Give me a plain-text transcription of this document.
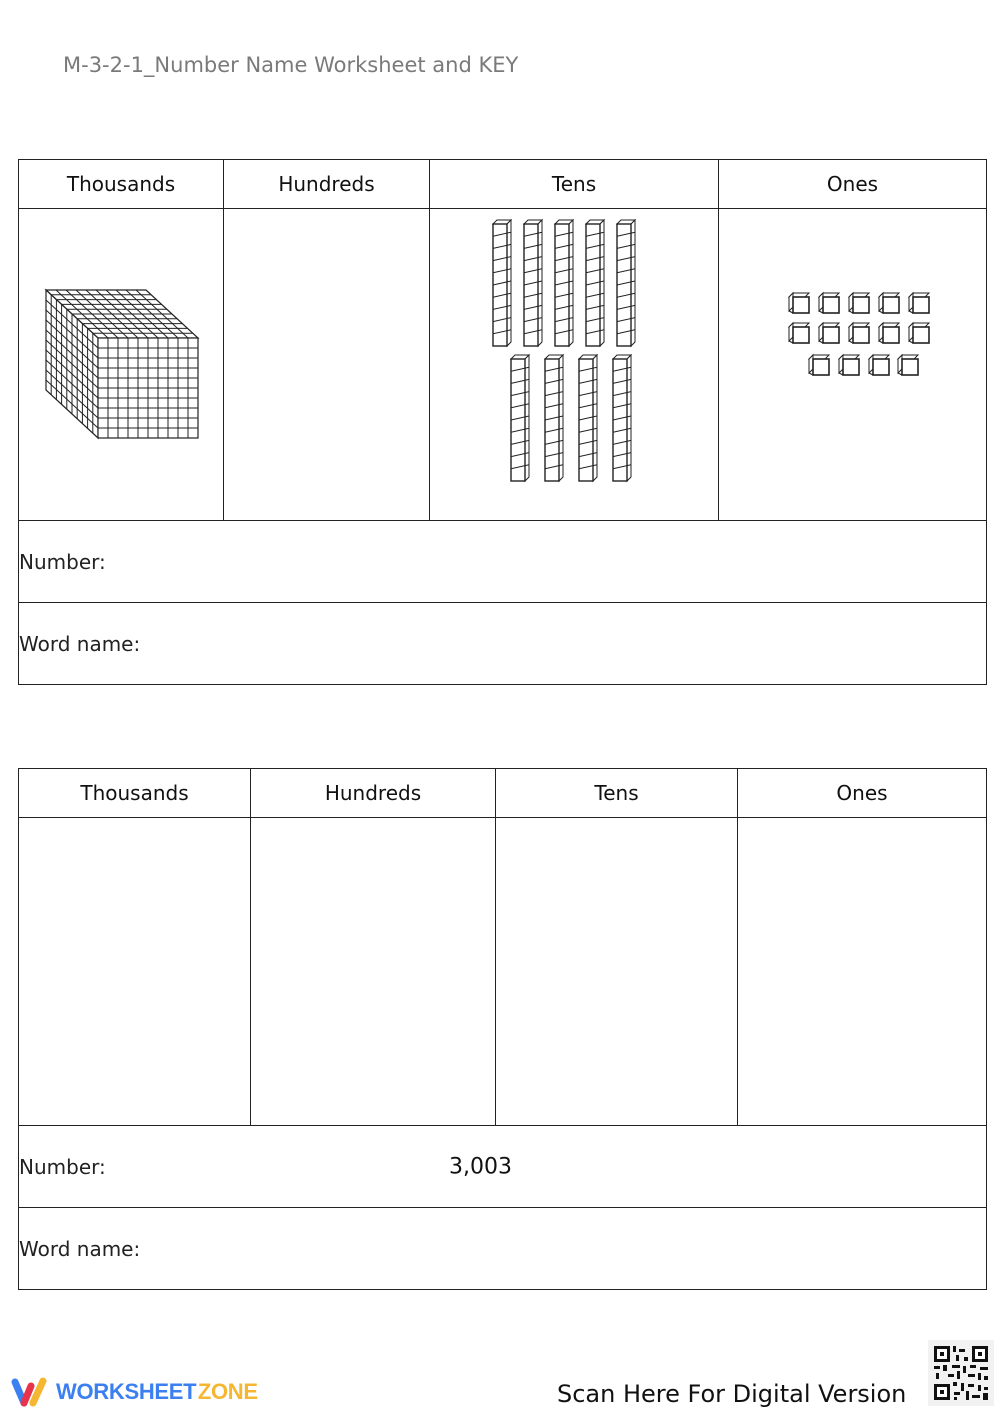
M-3-2-1_Number Name Worksheet and KEY
Thousands	Hundreds	Tens	Ones

Number:			

Word name:			
Thousands	Hundreds	Tens	Ones

Number: 3,003			

Word name:			
WORKSHEET ZONE	Scan Here For Digital Version
